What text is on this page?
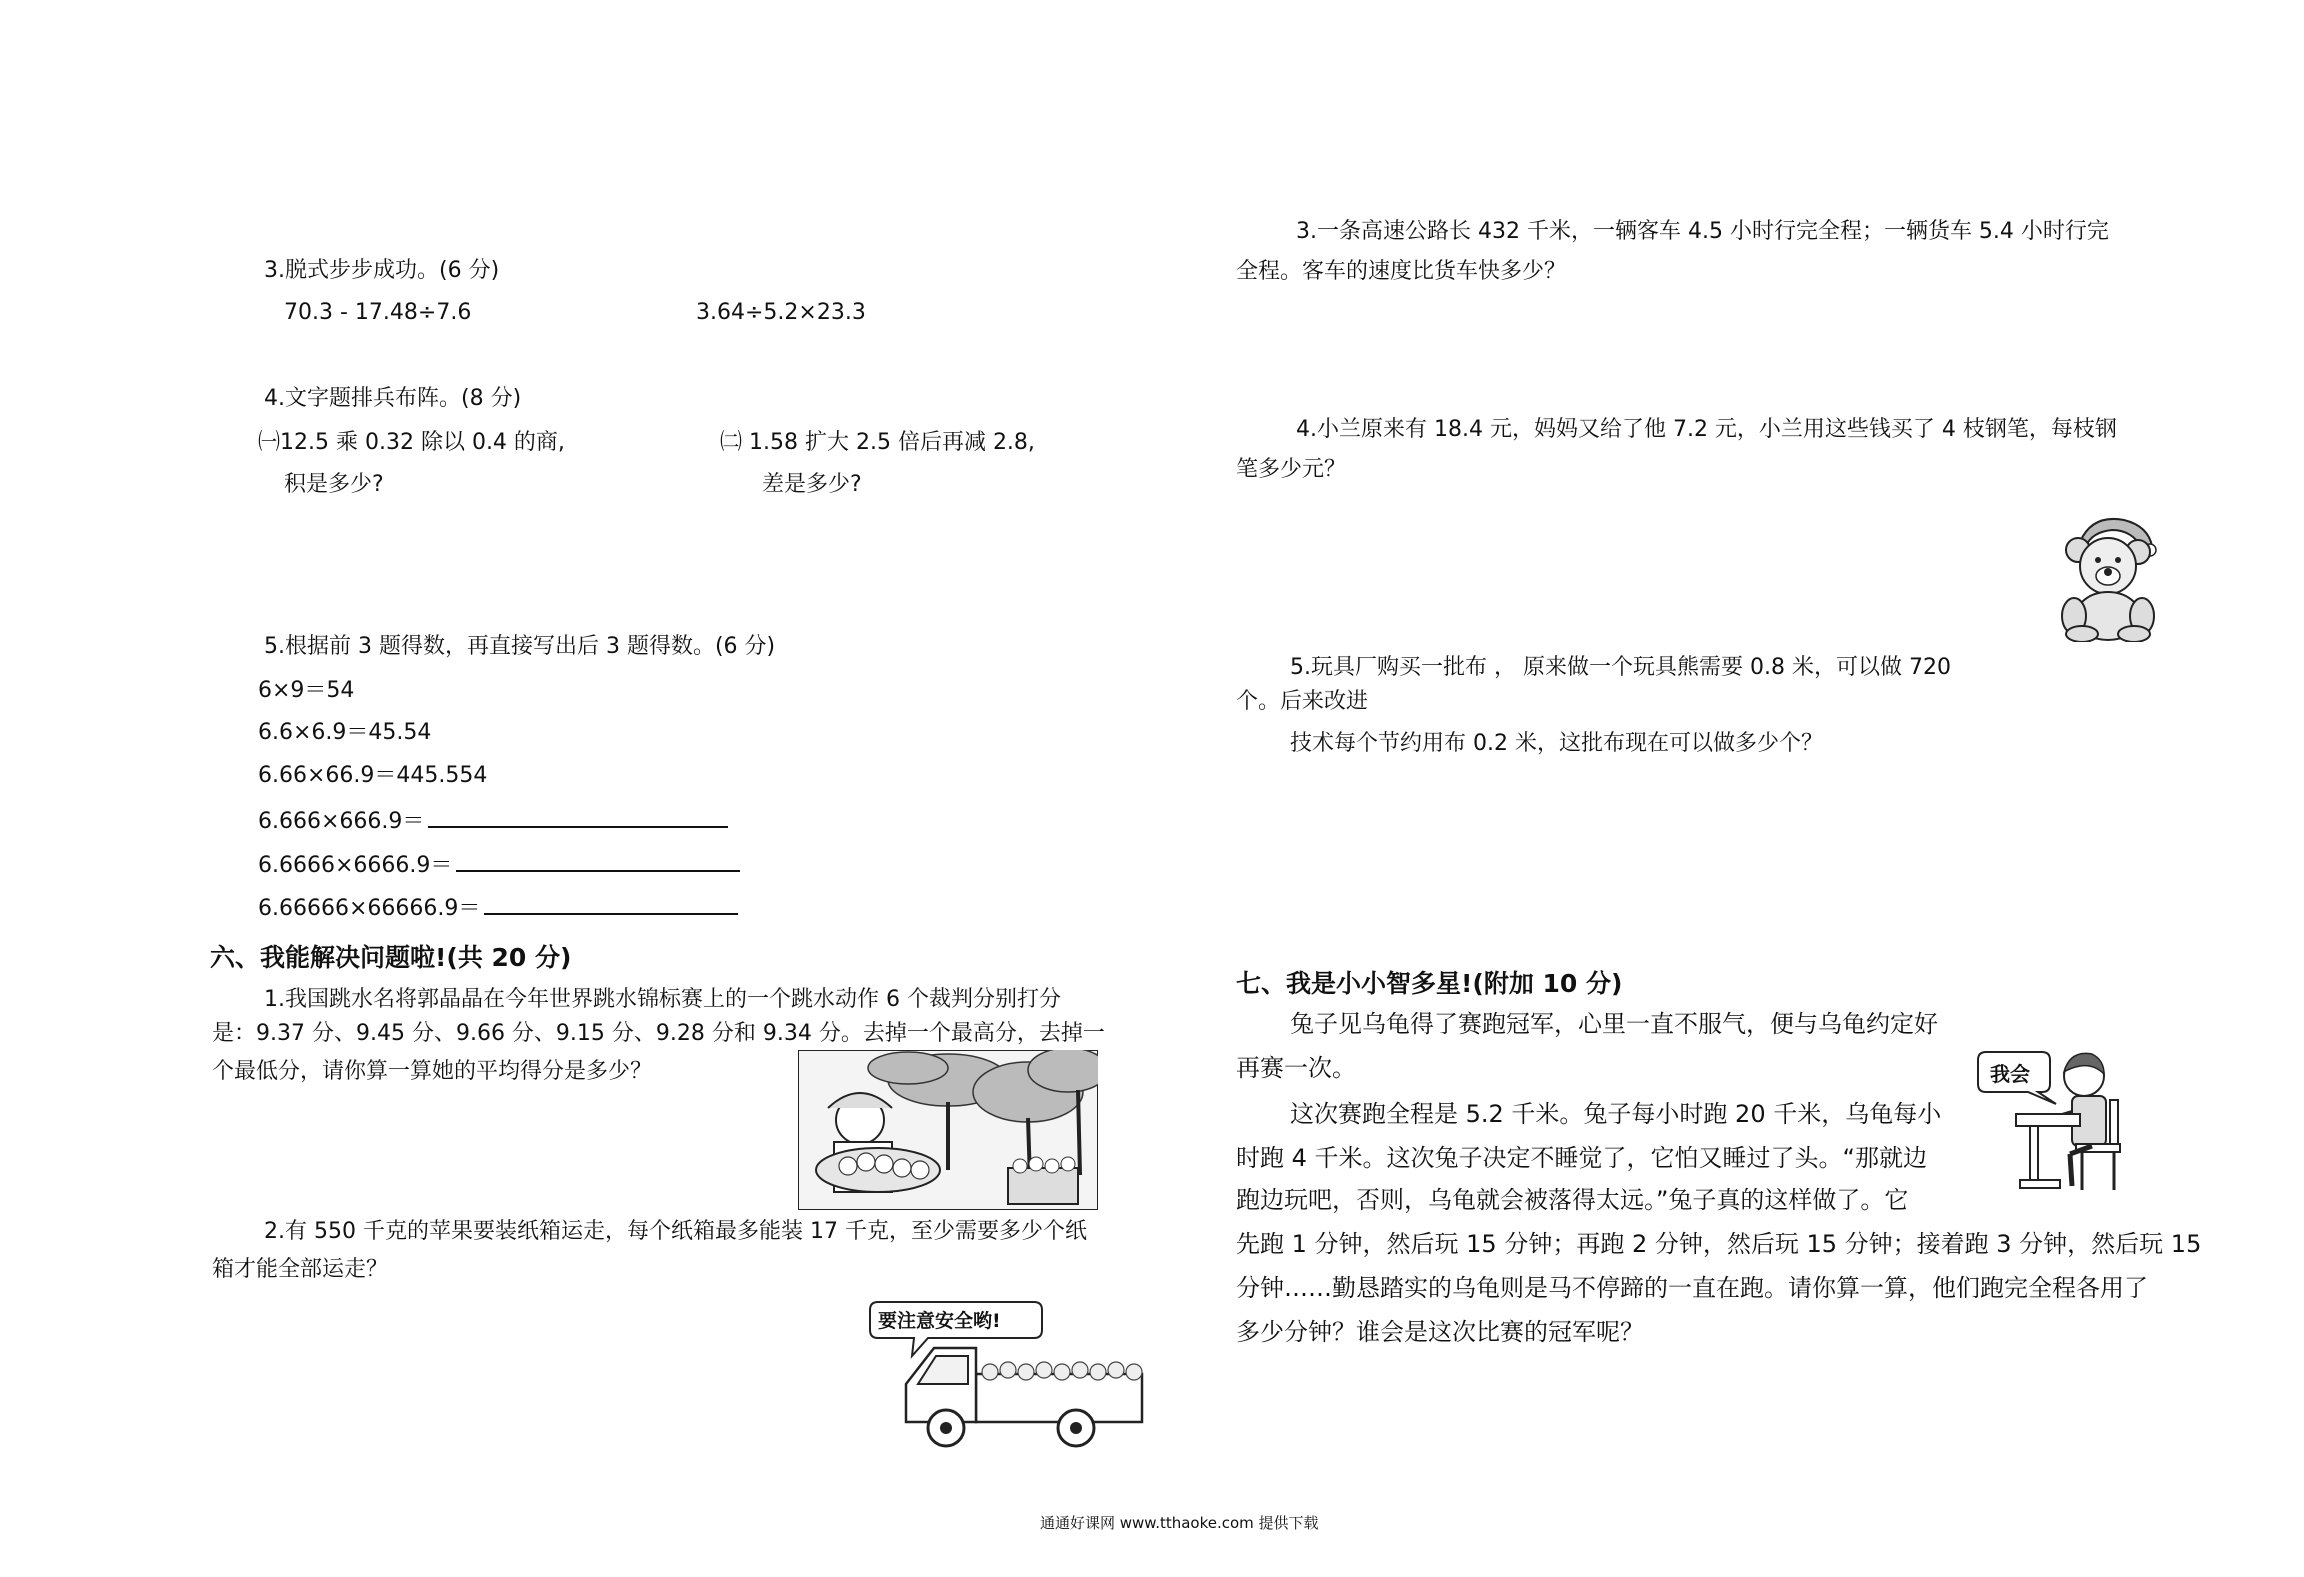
3.脱式步步成功。(6 分)
70.3 - 17.48÷7.6	3.64÷5.2×23.3
4.文字题排兵布阵。(8 分)
㈠12.5 乘 0.32 除以 0.4 的商,
积是多少?
㈡ 1.58 扩大 2.5 倍后再减 2.8,
差是多少?
5.根据前 3 题得数，再直接写出后 3 题得数。(6 分)
6×9＝54
6.6×6.9＝45.54
6.66×66.9＝445.554
6.666×666.9＝
6.6666×6666.9＝
6.66666×66666.9＝
六、我能解决问题啦!(共 20 分)
1.我国跳水名将郭晶晶在今年世界跳水锦标赛上的一个跳水动作 6 个裁判分别打分
是：9.37 分、9.45 分、9.66 分、9.15 分、9.28 分和 9.34 分。去掉一个最高分，去掉一
个最低分，请你算一算她的平均得分是多少？
2.有 550 千克的苹果要装纸箱运走，每个纸箱最多能装 17 千克，至少需要多少个纸
箱才能全部运走？
要注意安全哟!
3.一条高速公路长 432 千米，一辆客车 4.5 小时行完全程；一辆货车 5.4 小时行完
全程。客车的速度比货车快多少？
4.小兰原来有 18.4 元，妈妈又给了他 7.2 元，小兰用这些钱买了 4 枝钢笔，每枝钢
笔多少元？
5.玩具厂购买一批布 ， 原来做一个玩具熊需要 0.8 米，可以做 720
个。后来改进
技术每个节约用布 0.2 米，这批布现在可以做多少个？
七、我是小小智多星!(附加 10 分)
兔子见乌龟得了赛跑冠军，心里一直不服气，便与乌龟约定好
再赛一次。
这次赛跑全程是 5.2 千米。兔子每小时跑 20 千米，乌龟每小
时跑 4 千米。这次兔子决定不睡觉了，它怕又睡过了头。“那就边
跑边玩吧，否则，乌龟就会被落得太远。”兔子真的这样做了。它
先跑 1 分钟，然后玩 15 分钟；再跑 2 分钟，然后玩 15 分钟；接着跑 3 分钟，然后玩 15
分钟……勤恳踏实的乌龟则是马不停蹄的一直在跑。请你算一算，他们跑完全程各用了
多少分钟？谁会是这次比赛的冠军呢？
我会
通通好课网 www.tthaoke.com 提供下载
